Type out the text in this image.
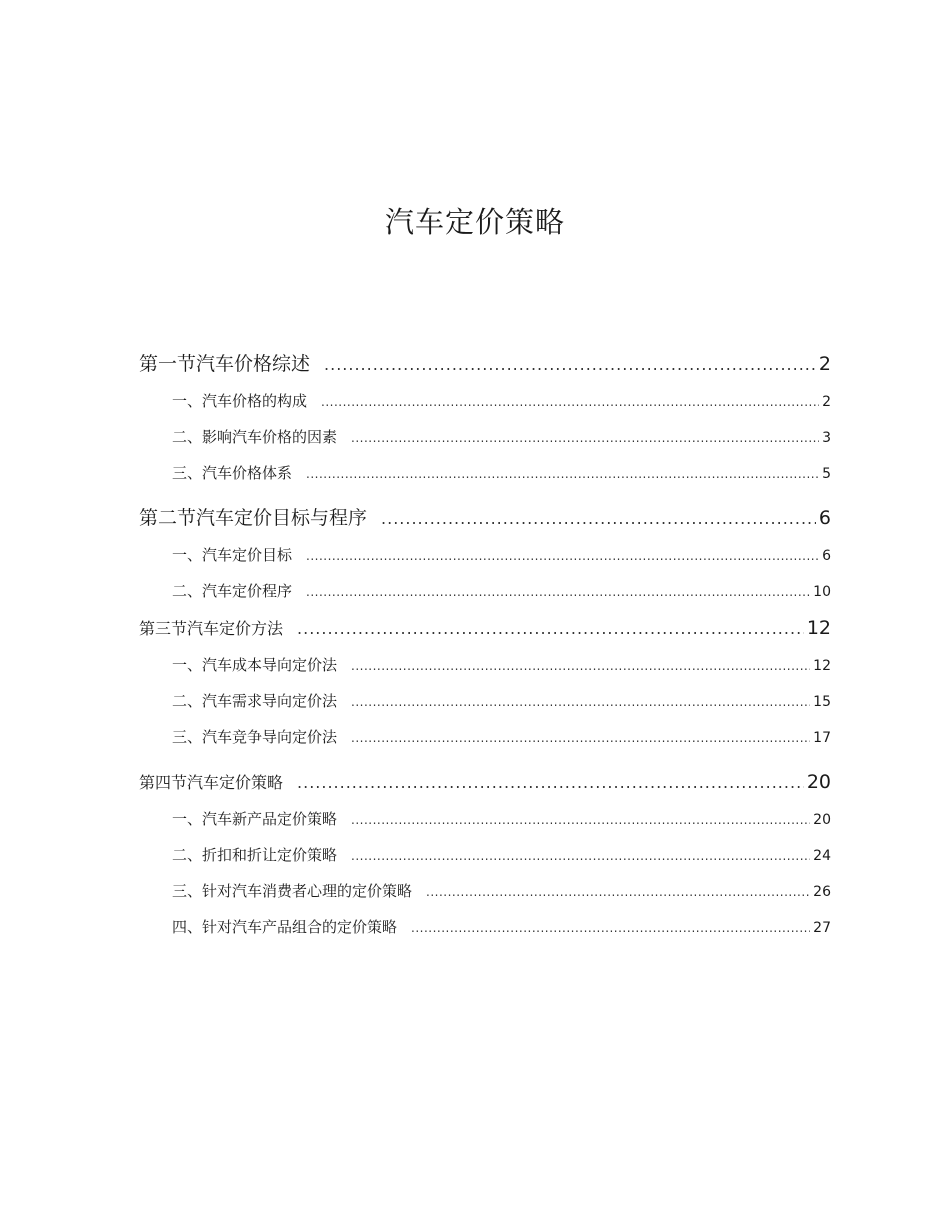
汽车定价策略
第一节汽车价格综述 .....	2
一、汽车价格的构成 .....	2
二、影响汽车价格的因素 .....	3
三、汽车价格体系 .....	5
第二节汽车定价目标与程序 .....	6
一、汽车定价目标 .....	6
二、汽车定价程序 .....	10
第三节汽车定价方法 .....	12
一、汽车成本导向定价法 .....	12
二、汽车需求导向定价法 .....	15
三、汽车竞争导向定价法 .....	17
第四节汽车定价策略 .....	20
一、汽车新产品定价策略 .....	20
二、折扣和折让定价策略 .....	24
三、针对汽车消费者心理的定价策略 .....	26
四、针对汽车产品组合的定价策略 .....	27
